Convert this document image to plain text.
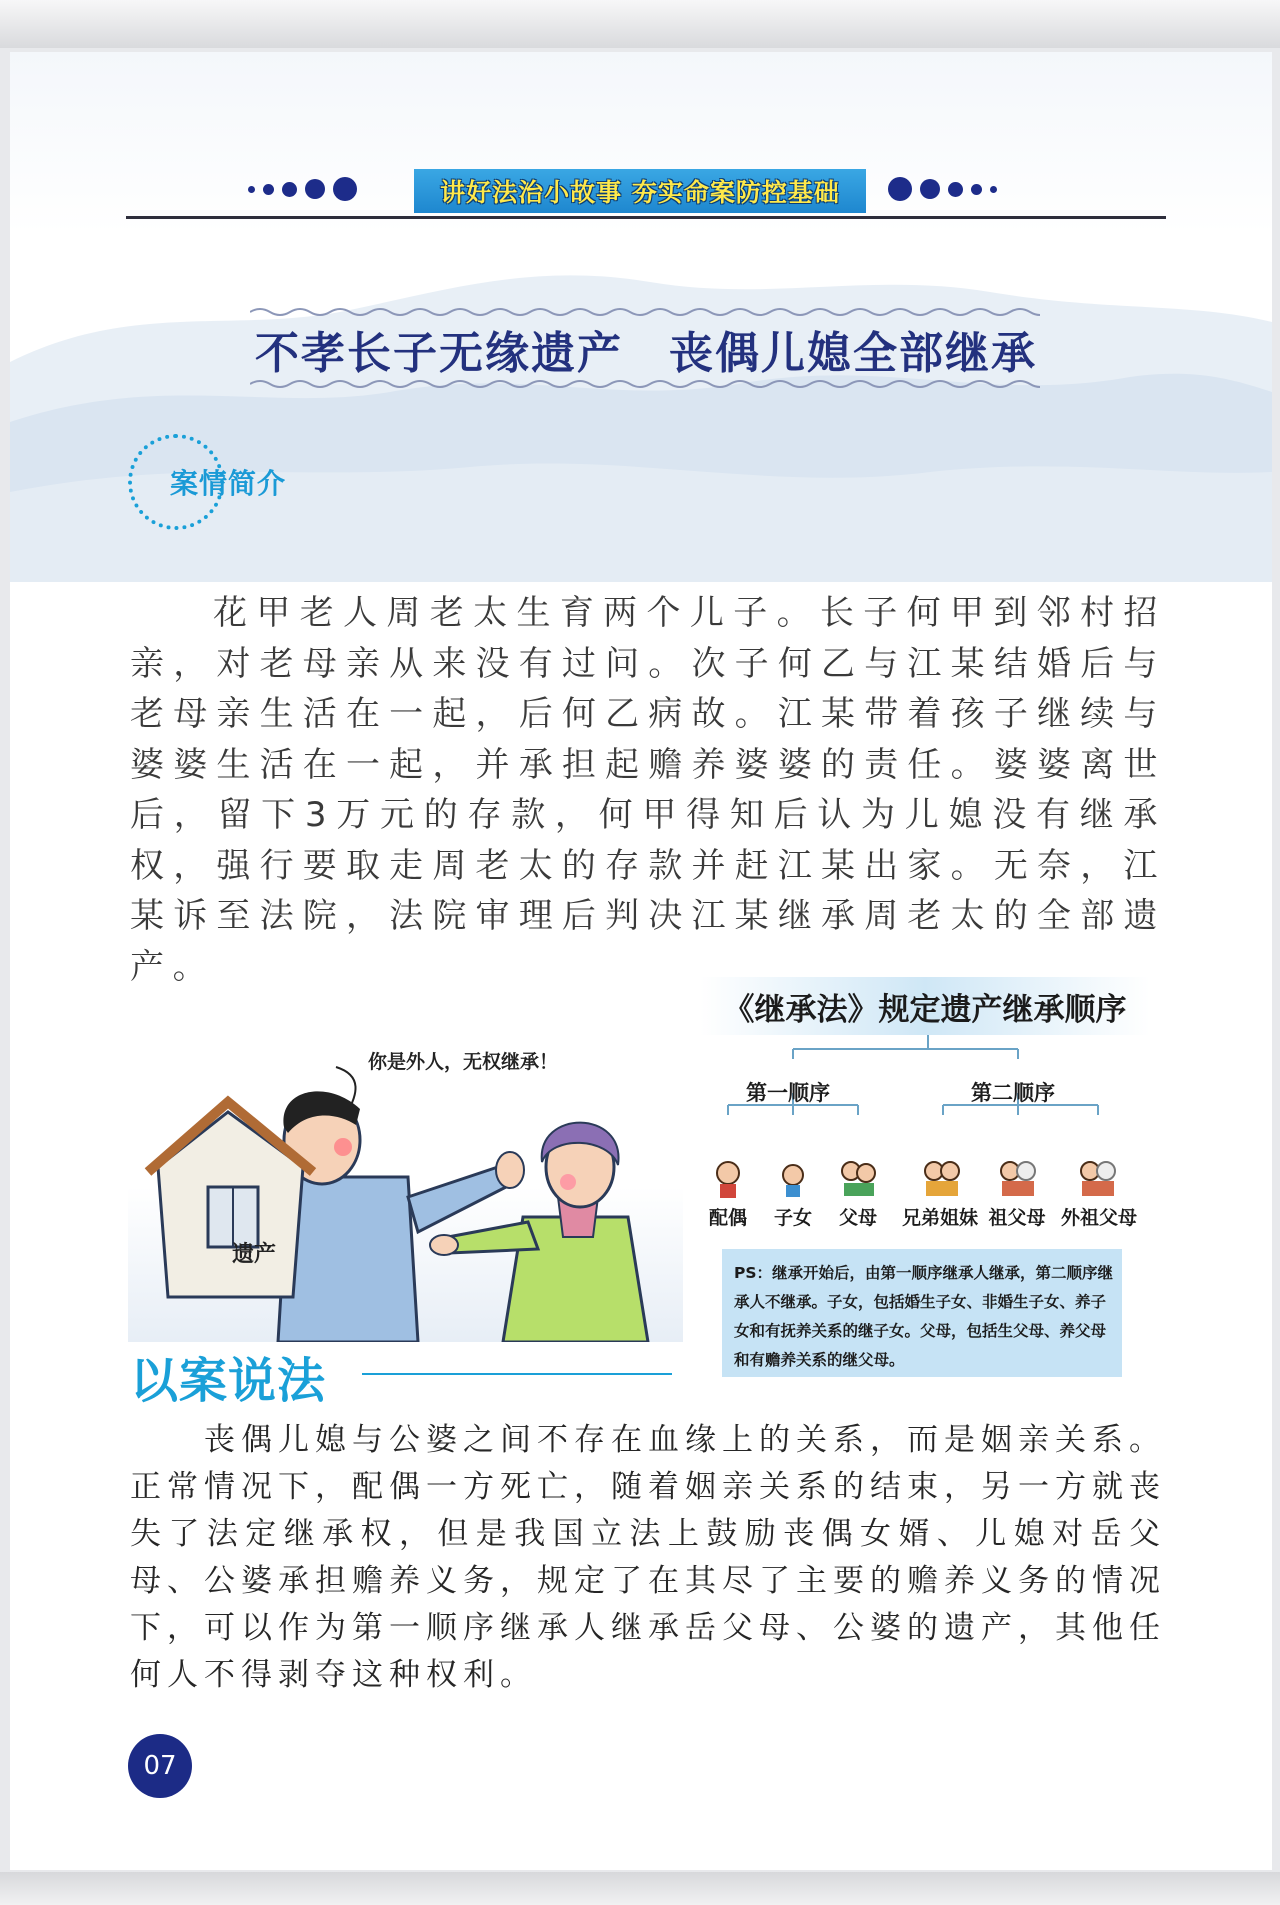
讲好法治小故事 夯实命案防控基础
不孝长子无缘遗产　丧偶儿媳全部继承
案情简介

花甲老人周老太生育两个儿子。长子何甲到邻村招亲，对老母亲从来没有过问。次子何乙与江某结婚后与老母亲生活在一起，后何乙病故。江某带着孩子继续与婆婆生活在一起，并承担起赡养婆婆的责任。婆婆离世后，留下3万元的存款，何甲得知后认为儿媳没有继承权，强行要取走周老太的存款并赶江某出家。无奈，江某诉至法院，法院审理后判决江某继承周老太的全部遗产。

你是外人，无权继承！
遗产
《继承法》规定遗产继承顺序
第一顺序	第二顺序
配偶 子女 父母 兄弟姐妹 祖父母 外祖父母
PS：继承开始后，由第一顺序继承人继承，第二顺序继承人不继承。子女，包括婚生子女、非婚生子女、养子女和有抚养关系的继子女。父母，包括生父母、养父母和有赡养关系的继父母。
以案说法

丧偶儿媳与公婆之间不存在血缘上的关系，而是姻亲关系。正常情况下，配偶一方死亡，随着姻亲关系的结束，另一方就丧失了法定继承权，但是我国立法上鼓励丧偶女婿、儿媳对岳父母、公婆承担赡养义务，规定了在其尽了主要的赡养义务的情况下，可以作为第一顺序继承人继承岳父母、公婆的遗产，其他任何人不得剥夺这种权利。

07
